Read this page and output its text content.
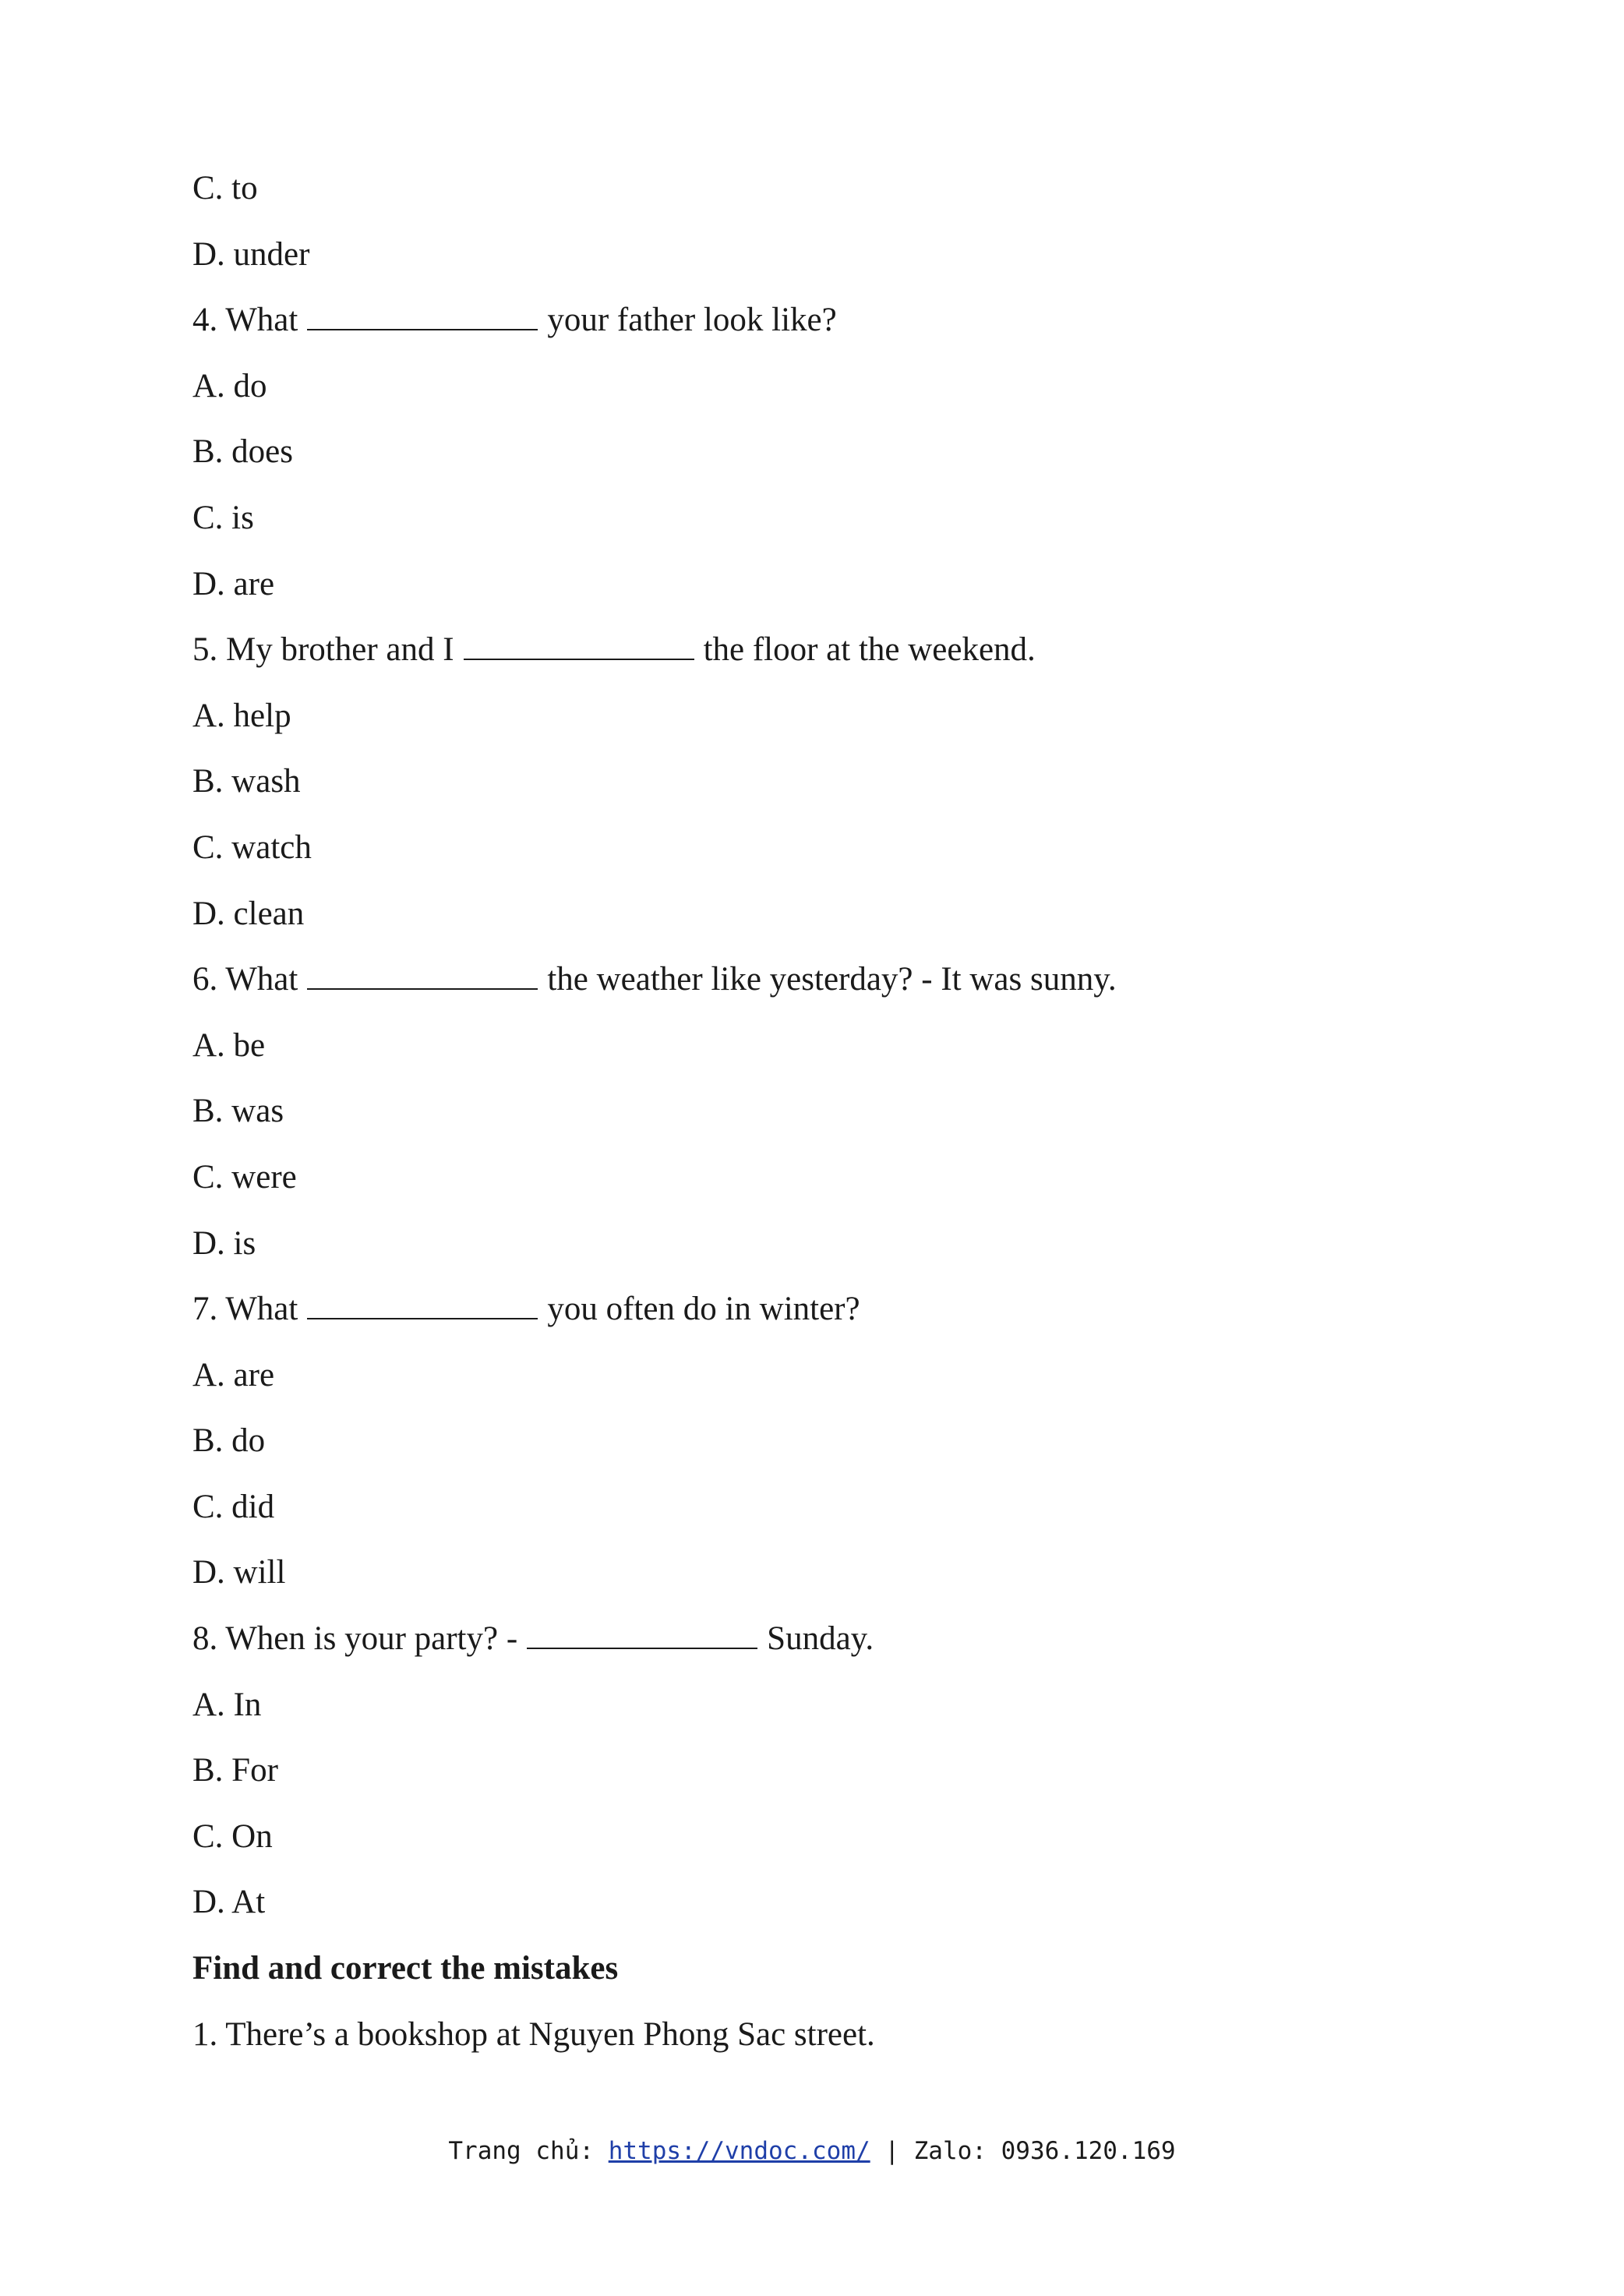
C. to
D. under
4. What	your father look like?
A. do
B. does
C. is
D. are
5. My brother and I	the floor at the weekend.
A. help
B. wash
C. watch
D. clean
6. What	the weather like yesterday? - It was sunny.
A. be
B. was
C. were
D. is
7. What	you often do in winter?
A. are
B. do
C. did
D. will
8. When is your party? -	Sunday.
A. In
B. For
C. On
D. At
Find and correct the mistakes
1. There’s a bookshop at Nguyen Phong Sac street.
Trang chủ: https://vndoc.com/ | Zalo: 0936.120.169
